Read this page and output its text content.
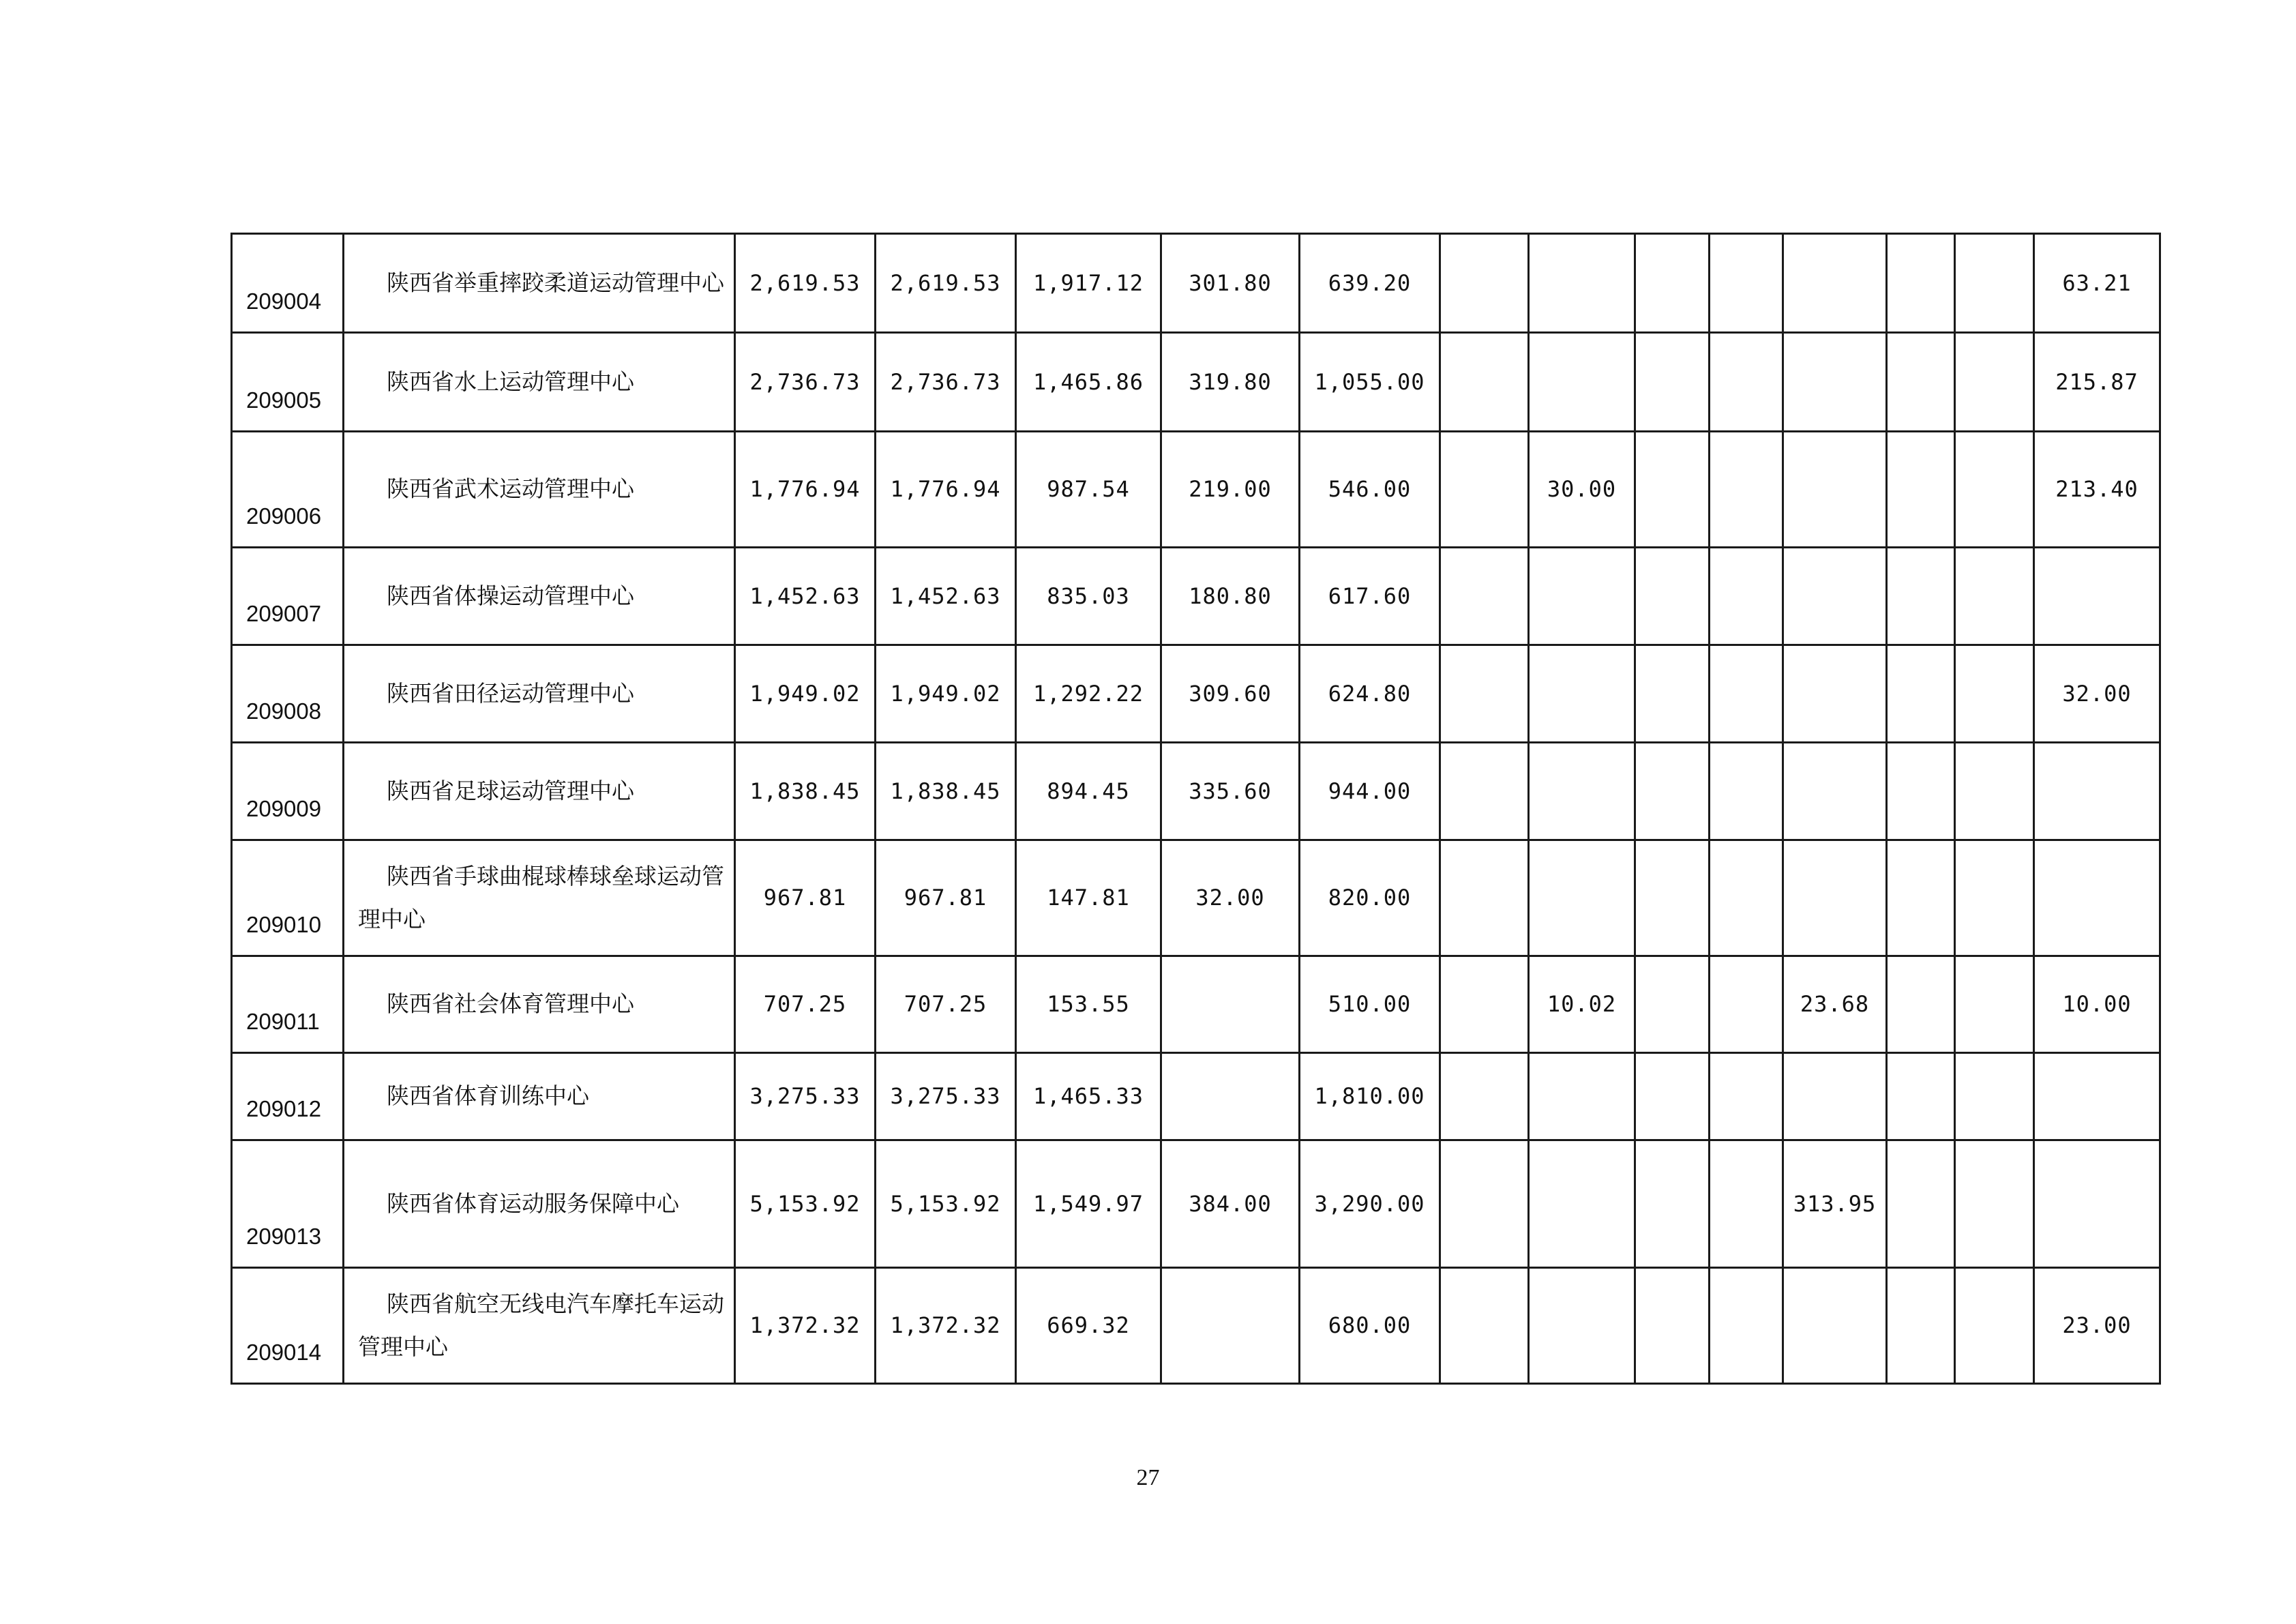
209004	陕西省举重摔跤柔道运动管理中心	2,619.53	2,619.53	1,917.12	301.80	639.20								63.21
209005	陕西省水上运动管理中心	2,736.73	2,736.73	1,465.86	319.80	1,055.00								215.87
209006	陕西省武术运动管理中心	1,776.94	1,776.94	987.54	219.00	546.00		30.00						213.40
209007	陕西省体操运动管理中心	1,452.63	1,452.63	835.03	180.80	617.60								
209008	陕西省田径运动管理中心	1,949.02	1,949.02	1,292.22	309.60	624.80								32.00
209009	陕西省足球运动管理中心	1,838.45	1,838.45	894.45	335.60	944.00								
209010	陕西省手球曲棍球棒球垒球运动管理中心	967.81	967.81	147.81	32.00	820.00								
209011	陕西省社会体育管理中心	707.25	707.25	153.55		510.00		10.02			23.68			10.00
209012	陕西省体育训练中心	3,275.33	3,275.33	1,465.33		1,810.00								
209013	陕西省体育运动服务保障中心	5,153.92	5,153.92	1,549.97	384.00	3,290.00					313.95			
209014	陕西省航空无线电汽车摩托车运动管理中心	1,372.32	1,372.32	669.32		680.00								23.00
27
